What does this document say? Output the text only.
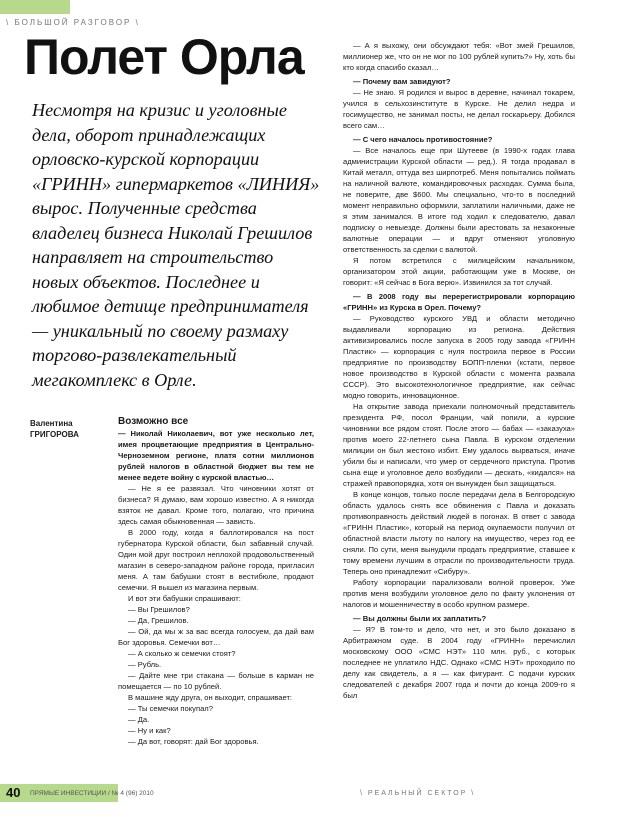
\ БОЛЬШОЙ РАЗГОВОР \
Полет Орла
Несмотря на кризис и уголовные дела, оборот принадлежащих орловско-курской корпорации «ГРИНН» гипермаркетов «ЛИНИЯ» вырос. Полученные средства владелец бизнеса Николай Грешилов направляет на строительство новых объектов. Последнее и любимое детище предпринимателя — уникальный по своему размаху торгово-развлекательный мегакомплекс в Орле.
Валентина
ГРИГОРОВА
Возможно все

— Николай Николаевич, вот уже несколько лет, имея процветающие предприятия в Центрально-Черноземном регионе, платя сотни миллионов рублей налогов в областной бюджет вы тем не менее ведете войну с курской властью…

— Не я ее развязал. Что чиновники хотят от бизнеса? Я думаю, вам хорошо известно. А я никогда взяток не давал. Кроме того, полагаю, что причина здесь самая обыкновенная — зависть.

В 2000 году, когда я баллотировался на пост губернатора Курской области, был забавный случай. Один мой друг построил неплохой продовольственный магазин в северо-западном районе города, пригласил меня. А там бабушки стоят в вестибюле, продают семечки. Я вышел из магазина первым.

И вот эти бабушки спрашивают:

— Вы Грешилов?

— Да, Грешилов.

— Ой, да мы ж за вас всегда голосуем, да дай вам Бог здоровья. Семечки вот…

— А сколько ж семечки стоят?

— Рубль.

— Дайте мне три стакана — больше в карман не помещается — по 10 рублей.

В машине жду друга, он выходит, спрашивает:

— Ты семечки покупал?

— Да.

— Ну и как?

— Да вот, говорят: дай Бог здоровья.

— А я выхожу, они обсуждают тебя: «Вот змей Грешилов, миллионер же, что он не мог по 100 рублей купить?» Ну, хоть бы кто когда спасибо сказал…

— Почему вам завидуют?

— Не знаю. Я родился и вырос в деревне, начинал токарем, учился в сельхозинституте в Курске. Не делил недра и госимущество, не занимал посты, не делал госкарьеру. Добился всего сам…

— С чего началось противостояние?

— Все началось еще при Шутееве (в 1990-х годах глава администрации Курской области — ред.). Я тогда продавал в Китай металл, оттуда вез ширпотреб. Меня попытались поймать на наличной валюте, командировочных расходах. Сумма была, не поверите, две $600. Мы специально, что-то в последний момент неправильно оформили, заплатили наличными, даже не я этим занимался. В итоге год ходил к следователю, давал подписку о невыезде. Должны были арестовать за незаконные валютные операции — и вдруг отменяют уголовную ответственность за сделки с валютой.

Я потом встретился с милицейским начальником, организатором этой акции, работающим уже в Москве, он говорит: «Я сейчас в Бога верю». Извинился за тот случай.

— В 2008 году вы перерегистрировали корпорацию «ГРИНН» из Курска в Орел. Почему?

— Руководство курского УВД и области методично выдавливали корпорацию из региона. Действия активизировались после запуска в 2005 году завода «ГРИНН Пластик» — корпорация с нуля построила первое в России предприятие по производству БОПП-пленки (кстати, первое новое производство в Курской области с момента развала СССР). Это высокотехнологичное предприятие, как сейчас модно говорить, инновационное.

На открытие завода приехали полномочный представитель президента РФ, посол Франции, чай попили, а курские чиновники все рядом стоят. После этого — бабах — «заказуха» против моего 22-летнего сына Павла. В курском отделении милиции он был жестоко избит. Ему удалось вырваться, иначе убили бы и написали, что умер от сердечного приступа. Против сына еще и уголовное дело возбудили — дескать, «кидался» на стражей правопорядка, хотя он вынужден был защищаться.

В конце концов, только после передачи дела в Белгородскую область удалось снять все обвинения с Павла и доказать противоправность действий людей в погонах. В ответ с завода «ГРИНН Пластик», который на период окупаемости получил от областной власти льготу по налогу на имущество, через год ее сняли. По сути, меня вынудили продать предприятие, ставшее к тому времени лучшим в отрасли по производительности труда. Теперь оно принадлежит «Сибуру».

Работу корпорации парализовали волной проверок. Уже против меня возбудили уголовное дело по факту уклонения от налогов и мошенничеству в особо крупном размере.

— Вы должны были их заплатить?

— Я? В том-то и дело, что нет, и это было доказано в Арбитражном суде. В 2004 году «ГРИНН» перечислил московскому ООО «СМС НЭТ» 110 млн. руб., с которых последнее не уплатило НДС. Однако «СМС НЭТ» проходило по делу как свидетель, а я — как фигурант. С подачи курских следователей с декабря 2007 года и почти до конца 2009-го я был

40 ПРЯМЫЕ ИНВЕСТИЦИИ / № 4 (96) 2010	\ РЕАЛЬНЫЙ СЕКТОР \
